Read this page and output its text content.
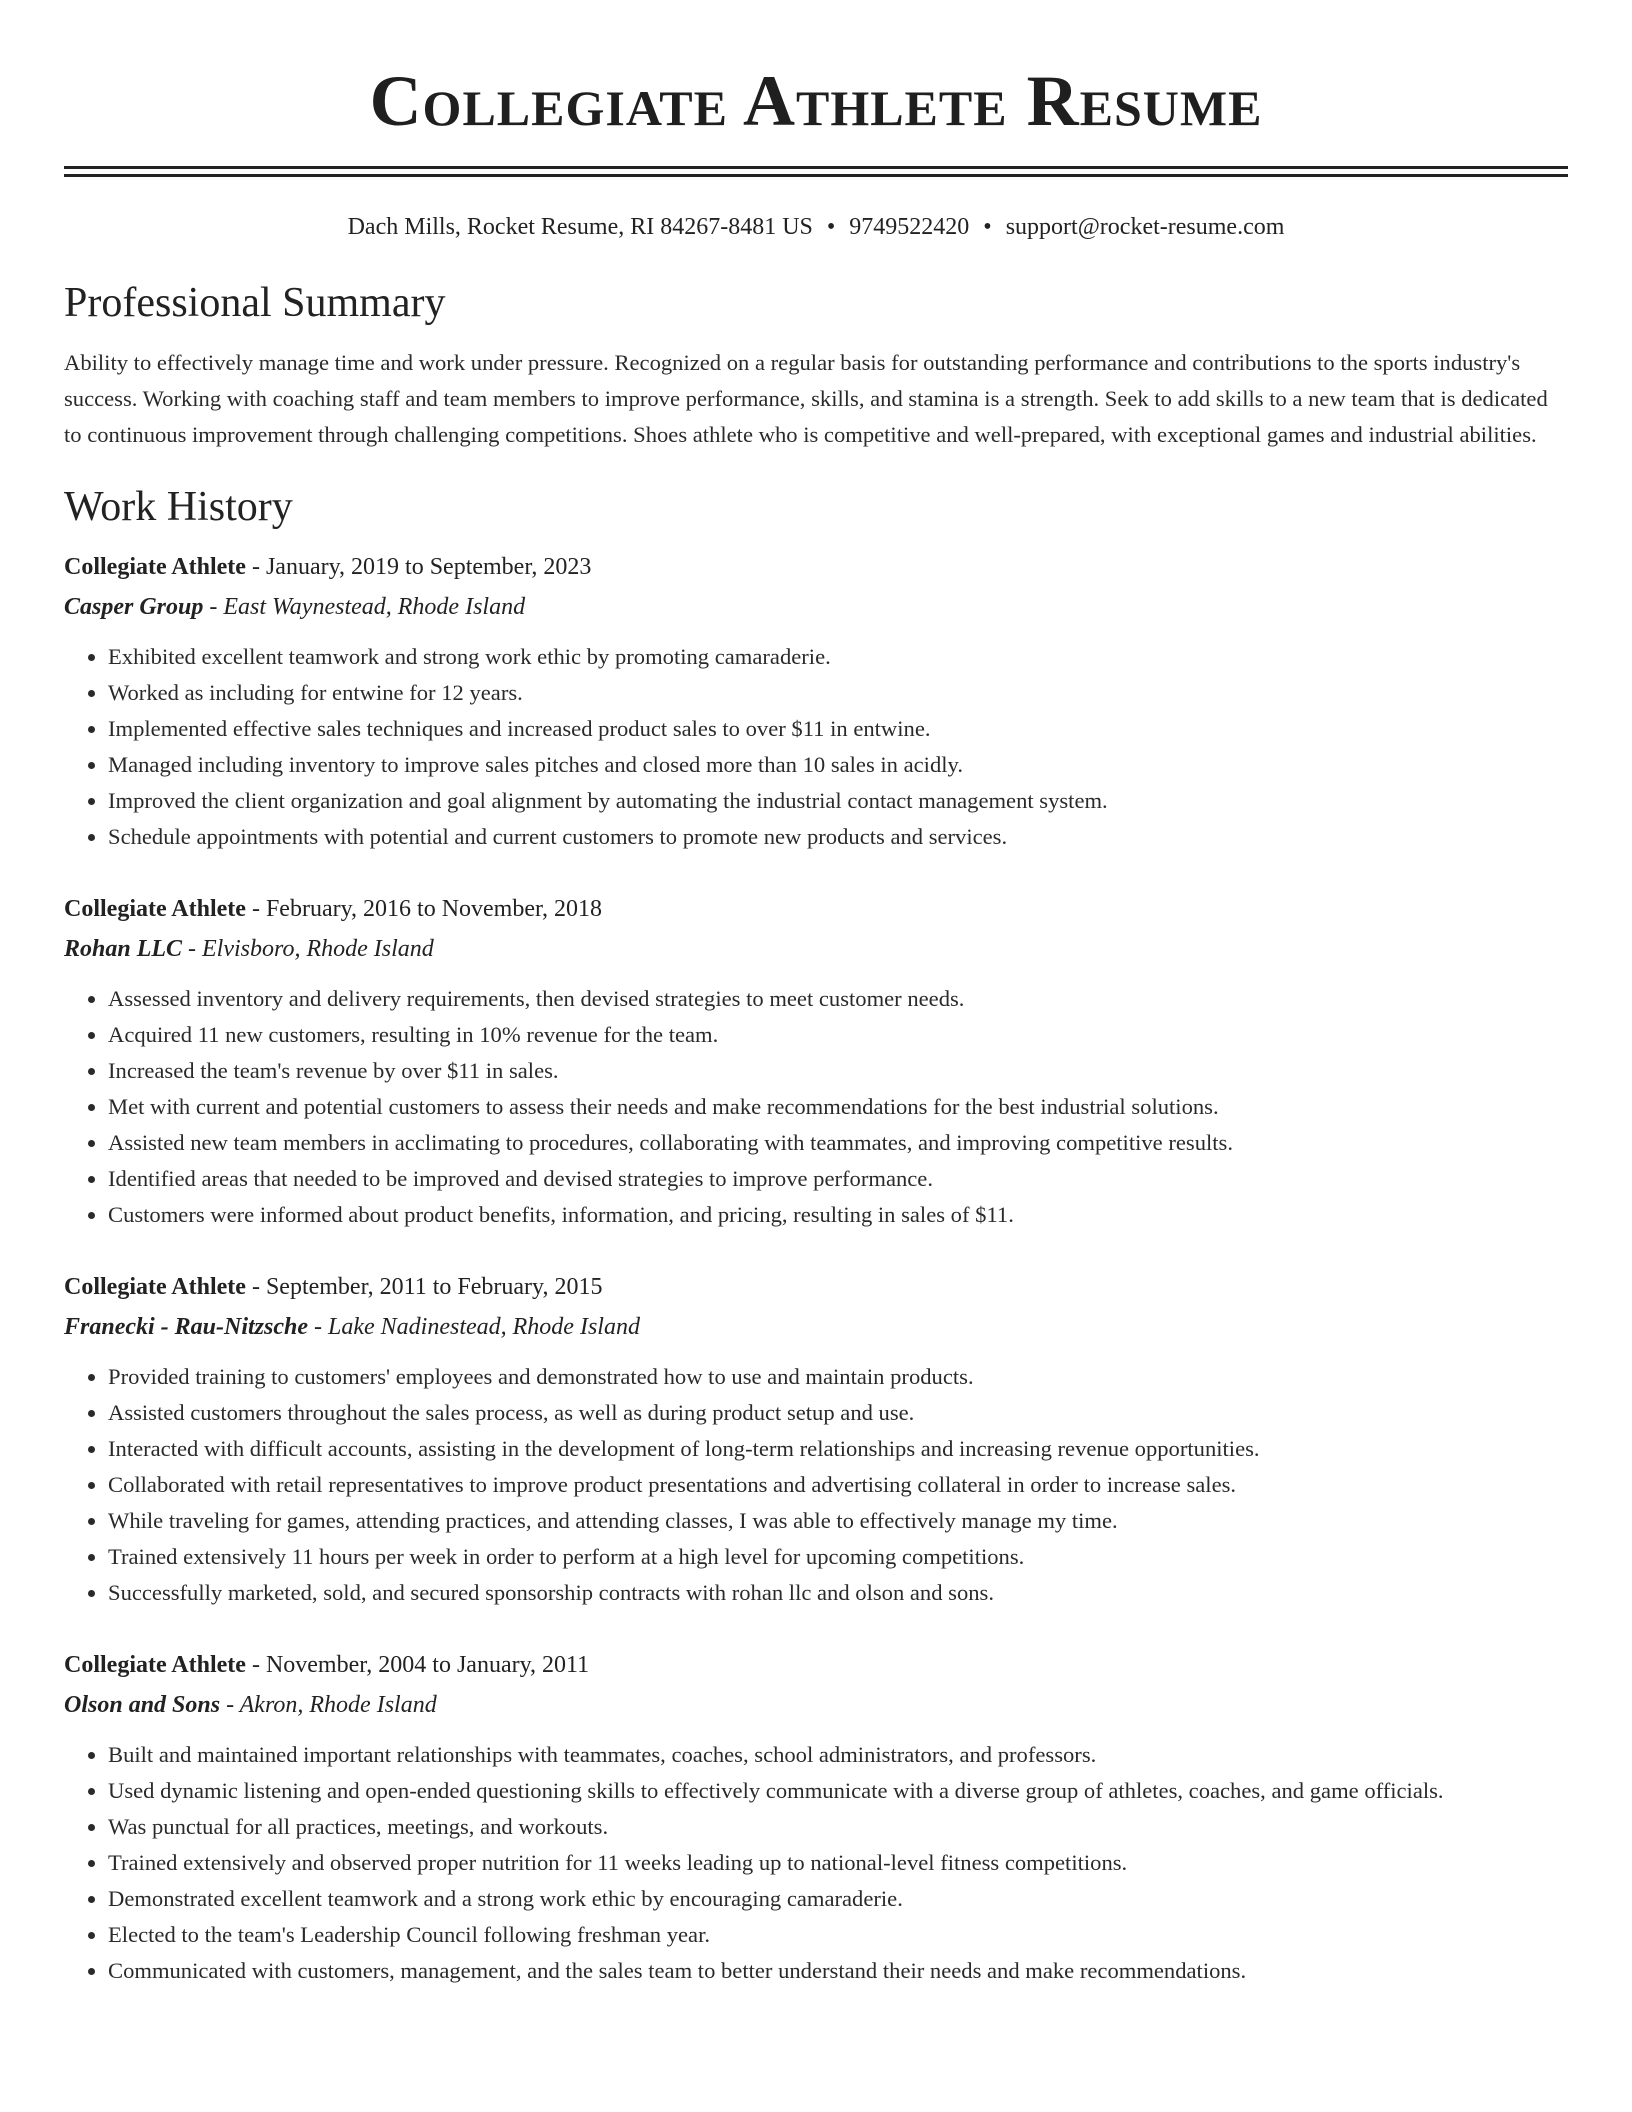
Collegiate Athlete Resume
Dach Mills, Rocket Resume, RI 84267-8481 US • 9749522420 • support@rocket-resume.com
Professional Summary

Ability to effectively manage time and work under pressure. Recognized on a regular basis for outstanding performance and contributions to the sports industry's success. Working with coaching staff and team members to improve performance, skills, and stamina is a strength. Seek to add skills to a new team that is dedicated to continuous improvement through challenging competitions. Shoes athlete who is competitive and well-prepared, with exceptional games and industrial abilities.

Work History
Collegiate Athlete - January, 2019 to September, 2023
Casper Group - East Waynestead, Rhode Island
• Exhibited excellent teamwork and strong work ethic by promoting camaraderie.
• Worked as including for entwine for 12 years.
• Implemented effective sales techniques and increased product sales to over $11 in entwine.
• Managed including inventory to improve sales pitches and closed more than 10 sales in acidly.
• Improved the client organization and goal alignment by automating the industrial contact management system.
• Schedule appointments with potential and current customers to promote new products and services.
Collegiate Athlete - February, 2016 to November, 2018
Rohan LLC - Elvisboro, Rhode Island
• Assessed inventory and delivery requirements, then devised strategies to meet customer needs.
• Acquired 11 new customers, resulting in 10% revenue for the team.
• Increased the team's revenue by over $11 in sales.
• Met with current and potential customers to assess their needs and make recommendations for the best industrial solutions.
• Assisted new team members in acclimating to procedures, collaborating with teammates, and improving competitive results.
• Identified areas that needed to be improved and devised strategies to improve performance.
• Customers were informed about product benefits, information, and pricing, resulting in sales of $11.
Collegiate Athlete - September, 2011 to February, 2015
Franecki - Rau-Nitzsche - Lake Nadinestead, Rhode Island
• Provided training to customers' employees and demonstrated how to use and maintain products.
• Assisted customers throughout the sales process, as well as during product setup and use.
• Interacted with difficult accounts, assisting in the development of long-term relationships and increasing revenue opportunities.
• Collaborated with retail representatives to improve product presentations and advertising collateral in order to increase sales.
• While traveling for games, attending practices, and attending classes, I was able to effectively manage my time.
• Trained extensively 11 hours per week in order to perform at a high level for upcoming competitions.
• Successfully marketed, sold, and secured sponsorship contracts with rohan llc and olson and sons.
Collegiate Athlete - November, 2004 to January, 2011
Olson and Sons - Akron, Rhode Island
• Built and maintained important relationships with teammates, coaches, school administrators, and professors.
• Used dynamic listening and open-ended questioning skills to effectively communicate with a diverse group of athletes, coaches, and game officials.
• Was punctual for all practices, meetings, and workouts.
• Trained extensively and observed proper nutrition for 11 weeks leading up to national-level fitness competitions.
• Demonstrated excellent teamwork and a strong work ethic by encouraging camaraderie.
• Elected to the team's Leadership Council following freshman year.
• Communicated with customers, management, and the sales team to better understand their needs and make recommendations.
